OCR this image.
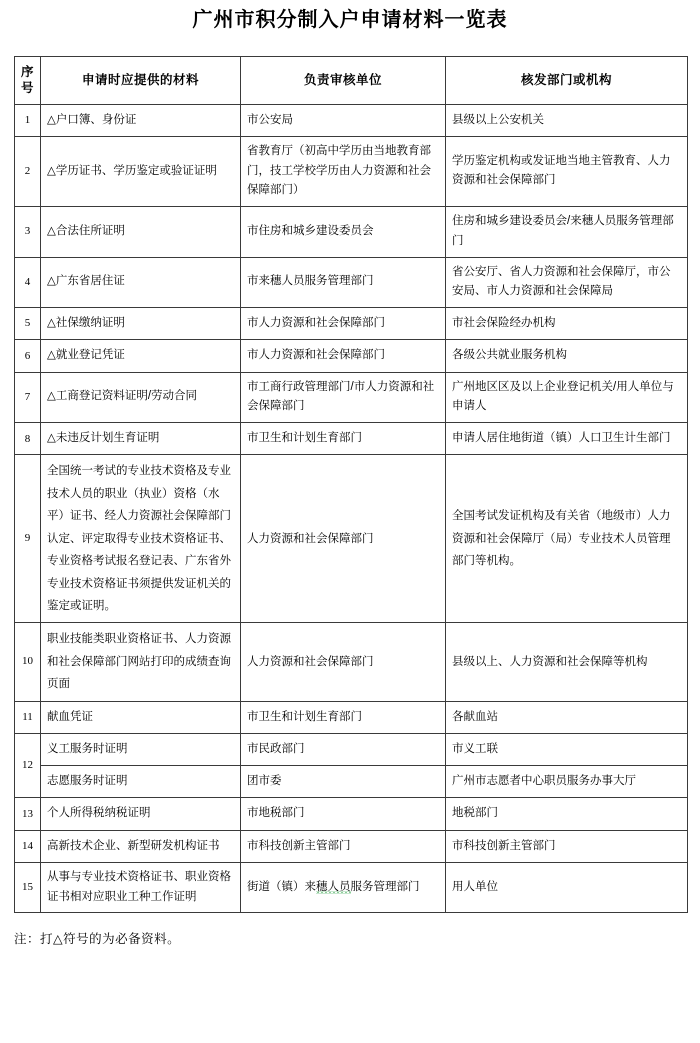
广州市积分制入户申请材料一览表
序号	申请时应提供的材料	负责审核单位	核发部门或机构
1	△户口簿、身份证	市公安局	县级以上公安机关
2	△学历证书、学历鉴定或验证证明	省教育厅（初高中学历由当地教育部门，技工学校学历由人力资源和社会保障部门）	学历鉴定机构或发证地当地主管教育、人力资源和社会保障部门
3	△合法住所证明	市住房和城乡建设委员会	住房和城乡建设委员会/来穗人员服务管理部门
4	△广东省居住证	市来穗人员服务管理部门	省公安厅、省人力资源和社会保障厅，市公安局、市人力资源和社会保障局
5	△社保缴纳证明	市人力资源和社会保障部门	市社会保险经办机构
6	△就业登记凭证	市人力资源和社会保障部门	各级公共就业服务机构
7	△工商登记资料证明/劳动合同	市工商行政管理部门/市人力资源和社会保障部门	广州地区区及以上企业登记机关/用人单位与申请人
8	△未违反计划生育证明	市卫生和计划生育部门	申请人居住地街道（镇）人口卫生计生部门
9	全国统一考试的专业技术资格及专业技术人员的职业（执业）资格（水平）证书、经人力资源社会保障部门认定、评定取得专业技术资格证书、专业资格考试报名登记表、广东省外专业技术资格证书须提供发证机关的鉴定或证明。	人力资源和社会保障部门	全国考试发证机构及有关省（地级市）人力资源和社会保障厅（局）专业技术人员管理部门等机构。
10	职业技能类职业资格证书、人力资源和社会保障部门网站打印的成绩查询页面	人力资源和社会保障部门	县级以上、人力资源和社会保障等机构
11	献血凭证	市卫生和计划生育部门	各献血站
12	义工服务时证明	市民政部门	市义工联
	志愿服务时证明	团市委	广州市志愿者中心职员服务办事大厅
13	个人所得税纳税证明	市地税部门	地税部门
14	高新技术企业、新型研发机构证书	市科技创新主管部门	市科技创新主管部门
15	从事与专业技术资格证书、职业资格证书相对应职业工种工作证明	街道（镇）来穗人员服务管理部门	用人单位
注：打△符号的为必备资料。
